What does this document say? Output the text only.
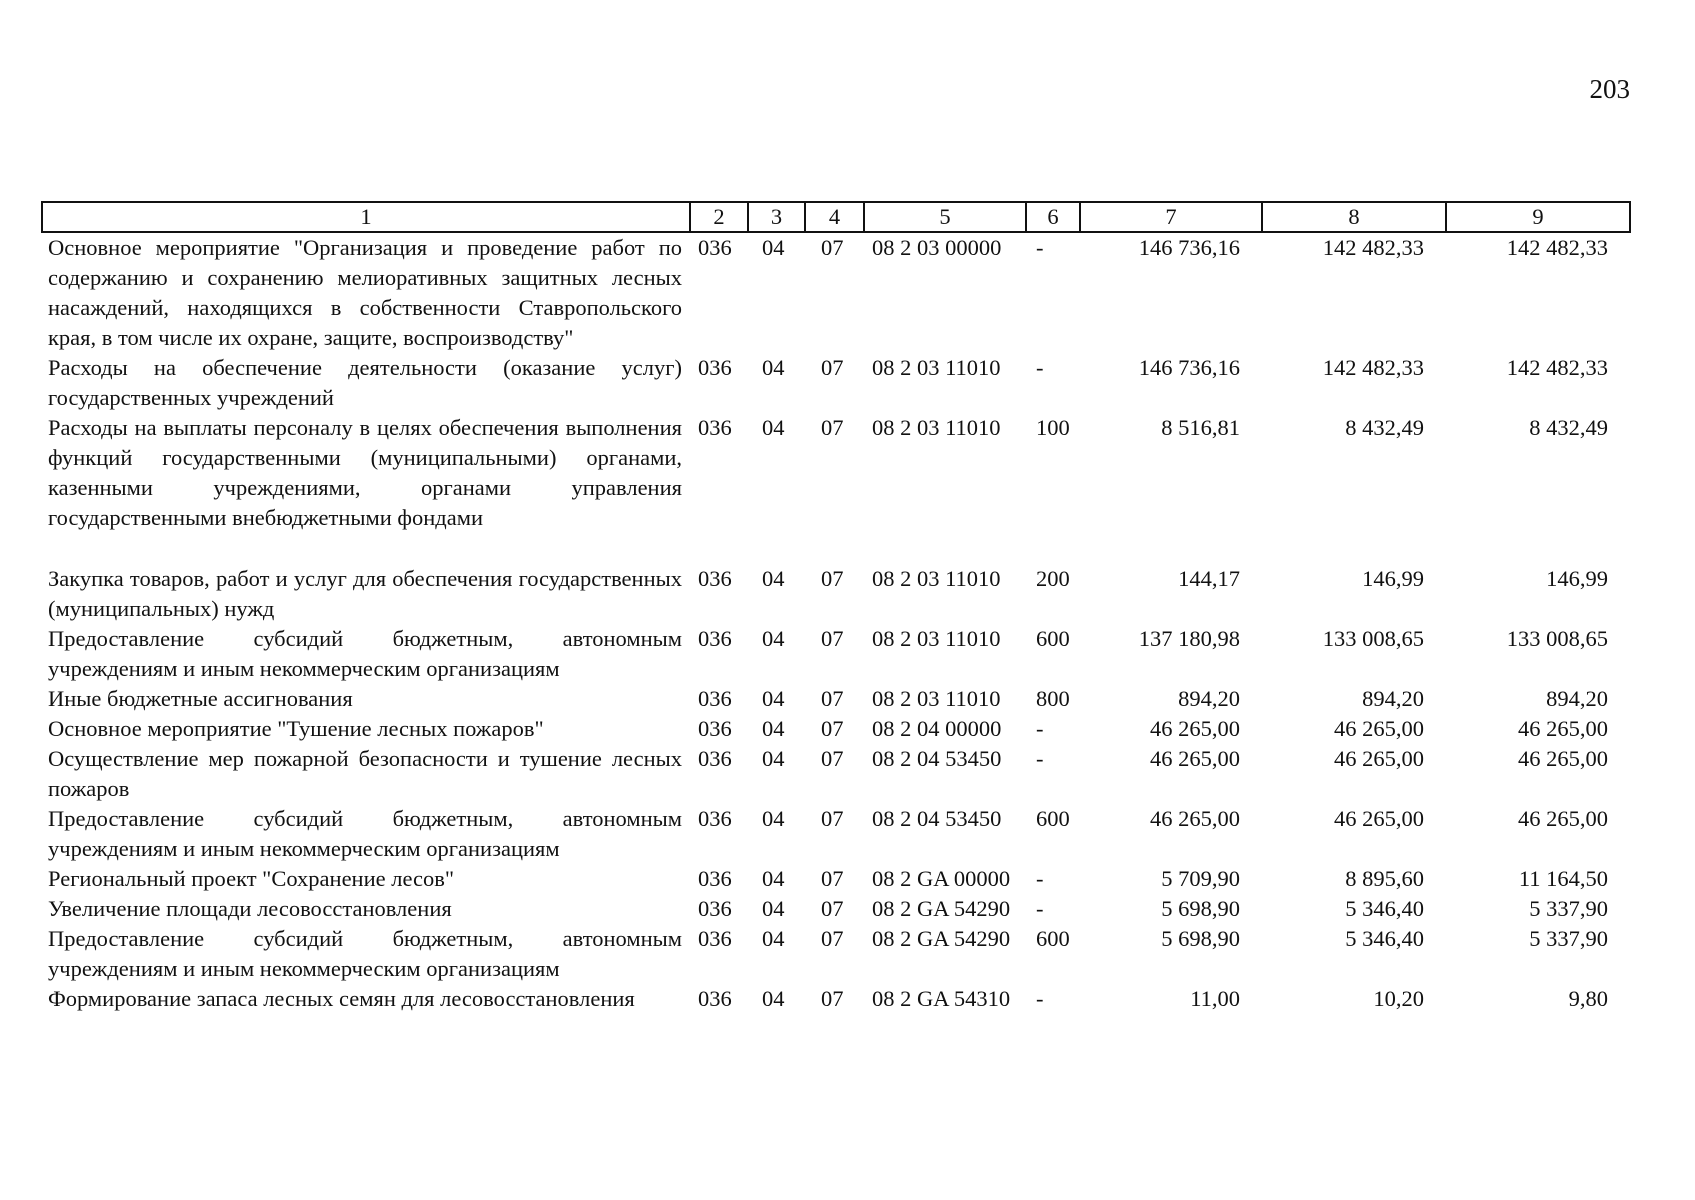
203
1	2	3	4	5	6	7	8	9
Основное мероприятие "Организация и проведение работ по содержанию и сохранению мелиоративных защитных лесных насаждений, находящихся в собственности Ставропольского края, в том числе их охране, защите, воспроизводству"	036	04	07	08 2 03 00000	-	146 736,16	142 482,33	142 482,33
Расходы на обеспечение деятельности (оказание услуг) государственных учреждений	036	04	07	08 2 03 11010	-	146 736,16	142 482,33	142 482,33
Расходы на выплаты персоналу в целях обеспечения выполнения функций государственными (муниципальными) органами, казенными учреждениями, органами управления государственными внебюджетными фондами	036	04	07	08 2 03 11010	100	8 516,81	8 432,49	8 432,49

Закупка товаров, работ и услуг для обеспечения государственных (муниципальных) нужд	036	04	07	08 2 03 11010	200	144,17	146,99	146,99
Предоставление субсидий бюджетным, автономным учреждениям и иным некоммерческим организациям	036	04	07	08 2 03 11010	600	137 180,98	133 008,65	133 008,65
Иные бюджетные ассигнования	036	04	07	08 2 03 11010	800	894,20	894,20	894,20
Основное мероприятие "Тушение лесных пожаров"	036	04	07	08 2 04 00000	-	46 265,00	46 265,00	46 265,00
Осуществление мер пожарной безопасности и тушение лесных пожаров	036	04	07	08 2 04 53450	-	46 265,00	46 265,00	46 265,00
Предоставление субсидий бюджетным, автономным учреждениям и иным некоммерческим организациям	036	04	07	08 2 04 53450	600	46 265,00	46 265,00	46 265,00
Региональный проект "Сохранение лесов"	036	04	07	08 2 GA 00000	-	5 709,90	8 895,60	11 164,50
Увеличение площади лесовосстановления	036	04	07	08 2 GA 54290	-	5 698,90	5 346,40	5 337,90
Предоставление субсидий бюджетным, автономным учреждениям и иным некоммерческим организациям	036	04	07	08 2 GA 54290	600	5 698,90	5 346,40	5 337,90
Формирование запаса лесных семян для лесовосстановления	036	04	07	08 2 GA 54310	-	11,00	10,20	9,80
